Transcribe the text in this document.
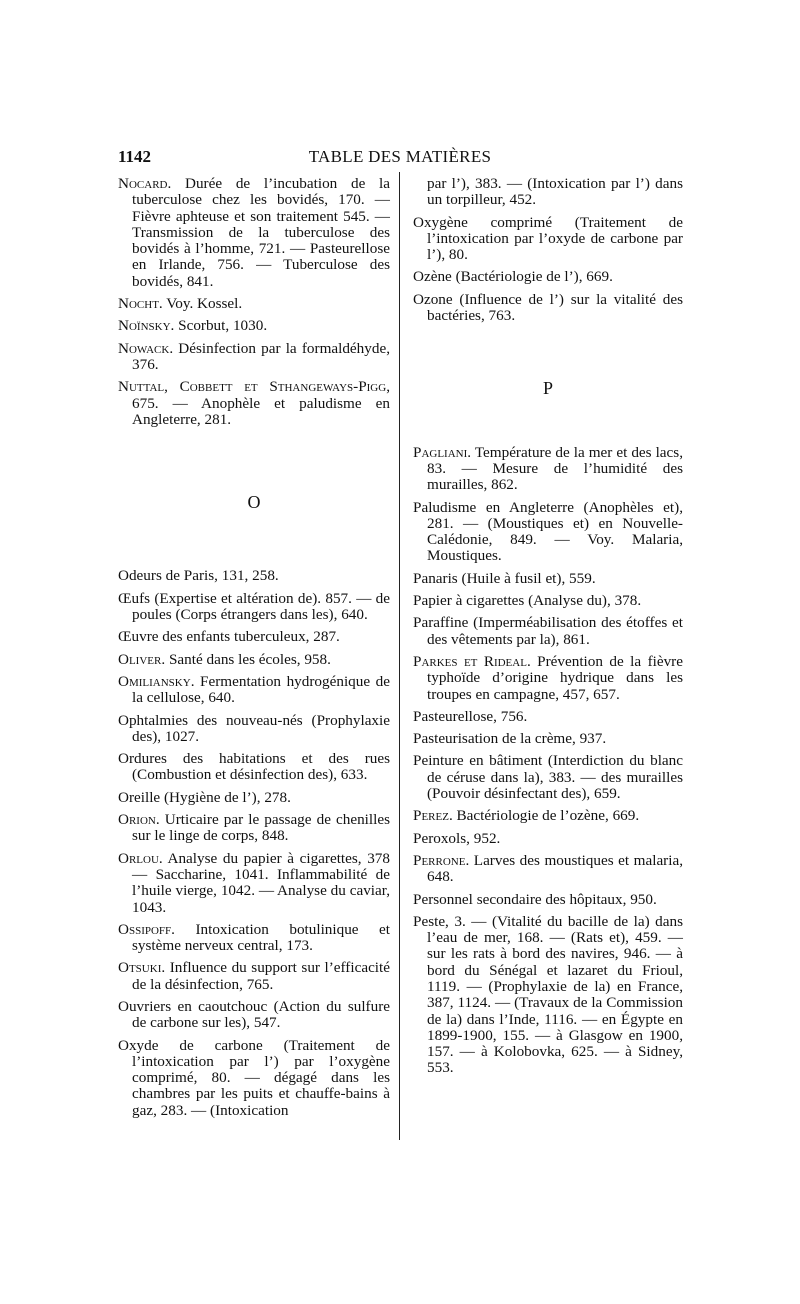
1142	TABLE DES MATIÈRES

Nocard. Durée de l’incubation de la tuberculose chez les bovidés, 170. — Fièvre aphteuse et son traitement 545. — Transmission de la tuberculose des bovidés à l’homme, 721. — Pasteurellose en Irlande, 756. — Tuberculose des bovidés, 841.

Nocht. Voy. Kossel.

Noïnsky. Scorbut, 1030.

Nowack. Désinfection par la formaldéhyde, 376.

Nuttal, Cobbett et Sthangeways-Pigg, 675. — Anophèle et paludisme en Angleterre, 281.

O

Odeurs de Paris, 131, 258.

Œufs (Expertise et altération de). 857. — de poules (Corps étrangers dans les), 640.

Œuvre des enfants tuberculeux, 287.

Oliver. Santé dans les écoles, 958.

Omiliansky. Fermentation hydrogénique de la cellulose, 640.

Ophtalmies des nouveau-nés (Prophylaxie des), 1027.

Ordures des habitations et des rues (Combustion et désinfection des), 633.

Oreille (Hygiène de l’), 278.

Orion. Urticaire par le passage de chenilles sur le linge de corps, 848.

Orlou. Analyse du papier à cigarettes, 378 — Saccharine, 1041. Inflammabilité de l’huile vierge, 1042. — Analyse du caviar, 1043.

Ossipoff. Intoxication botulinique et système nerveux central, 173.

Otsuki. Influence du support sur l’efficacité de la désinfection, 765.

Ouvriers en caoutchouc (Action du sulfure de carbone sur les), 547.

Oxyde de carbone (Traitement de l’intoxication par l’) par l’oxygène comprimé, 80. — dégagé dans les chambres par les puits et chauffe-bains à gaz, 283. — (Intoxication

par l’), 383. — (Intoxication par l’) dans un torpilleur, 452.

Oxygène comprimé (Traitement de l’intoxication par l’oxyde de carbone par l’), 80.

Ozène (Bactériologie de l’), 669.

Ozone (Influence de l’) sur la vitalité des bactéries, 763.

P

Pagliani. Température de la mer et des lacs, 83. — Mesure de l’humidité des murailles, 862.

Paludisme en Angleterre (Anophèles et), 281. — (Moustiques et) en Nouvelle-Calédonie, 849. — Voy. Malaria, Moustiques.

Panaris (Huile à fusil et), 559.

Papier à cigarettes (Analyse du), 378.

Paraffine (Imperméabilisation des étoffes et des vêtements par la), 861.

Parkes et Rideal. Prévention de la fièvre typhoïde d’origine hydrique dans les troupes en campagne, 457, 657.

Pasteurellose, 756.

Pasteurisation de la crème, 937.

Peinture en bâtiment (Interdiction du blanc de céruse dans la), 383. — des murailles (Pouvoir désinfectant des), 659.

Perez. Bactériologie de l’ozène, 669.

Peroxols, 952.

Perrone. Larves des moustiques et malaria, 648.

Personnel secondaire des hôpitaux, 950.

Peste, 3. — (Vitalité du bacille de la) dans l’eau de mer, 168. — (Rats et), 459. — sur les rats à bord des navires, 946. — à bord du Sénégal et lazaret du Frioul, 1119. — (Prophylaxie de la) en France, 387, 1124. — (Travaux de la Commission de la) dans l’Inde, 1116. — en Égypte en 1899-1900, 155. — à Glasgow en 1900, 157. — à Kolobovka, 625. — à Sidney, 553.
